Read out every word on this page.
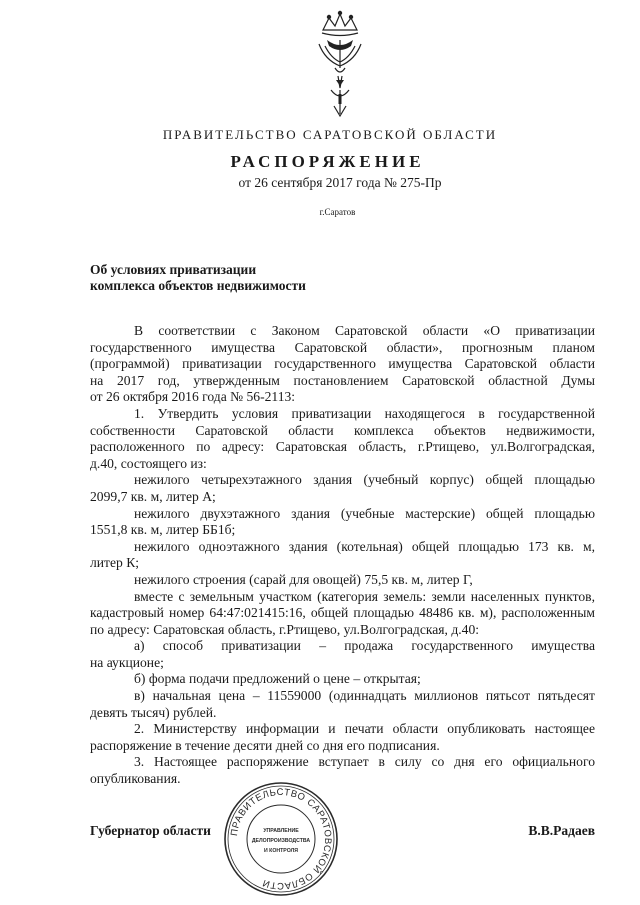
ПРАВИТЕЛЬСТВО САРАТОВСКОЙ ОБЛАСТИ
РАСПОРЯЖЕНИЕ
от 26 сентября 2017 года № 275-Пр
г.Саратов
Об условиях приватизации
комплекса объектов недвижимости
В соответствии с Законом Саратовской области «О приватизации
государственного имущества Саратовской области», прогнозным планом
(программой) приватизации государственного имущества Саратовской области
на 2017 год, утвержденным постановлением Саратовской областной Думы
от 26 октября 2016 года № 56-2113:
1. Утвердить условия приватизации находящегося в государственной
собственности Саратовской области комплекса объектов недвижимости,
расположенного по адресу: Саратовская область, г.Ртищево, ул.Волгоградская,
д.40, состоящего из:
нежилого четырехэтажного здания (учебный корпус) общей площадью
2099,7 кв. м, литер А;
нежилого двухэтажного здания (учебные мастерские) общей площадью
1551,8 кв. м, литер ББ1б;
нежилого одноэтажного здания (котельная) общей площадью 173 кв. м,
литер К;
нежилого строения (сарай для овощей) 75,5 кв. м, литер Г,
вместе с земельным участком (категория земель: земли населенных пунктов,
кадастровый номер 64:47:021415:16, общей площадью 48486 кв. м), расположенным
по адресу: Саратовская область, г.Ртищево, ул.Волгоградская, д.40:
а) способ приватизации – продажа государственного имущества
на аукционе;
б) форма подачи предложений о цене – открытая;
в) начальная цена – 11559000 (одиннадцать миллионов пятьсот пятьдесят
девять тысяч) рублей.
2. Министерству информации и печати области опубликовать настоящее
распоряжение в течение десяти дней со дня его подписания.
3. Настоящее распоряжение вступает в силу со дня его официального
опубликования.
ПРАВИТЕЛЬСТВО САРАТОВСКОЙ ОБЛАСТИ
УПРАВЛЕНИЕ
ДЕЛОПРОИЗВОДСТВА
И КОНТРОЛЯ
Губернатор области	В.В.Радаев
